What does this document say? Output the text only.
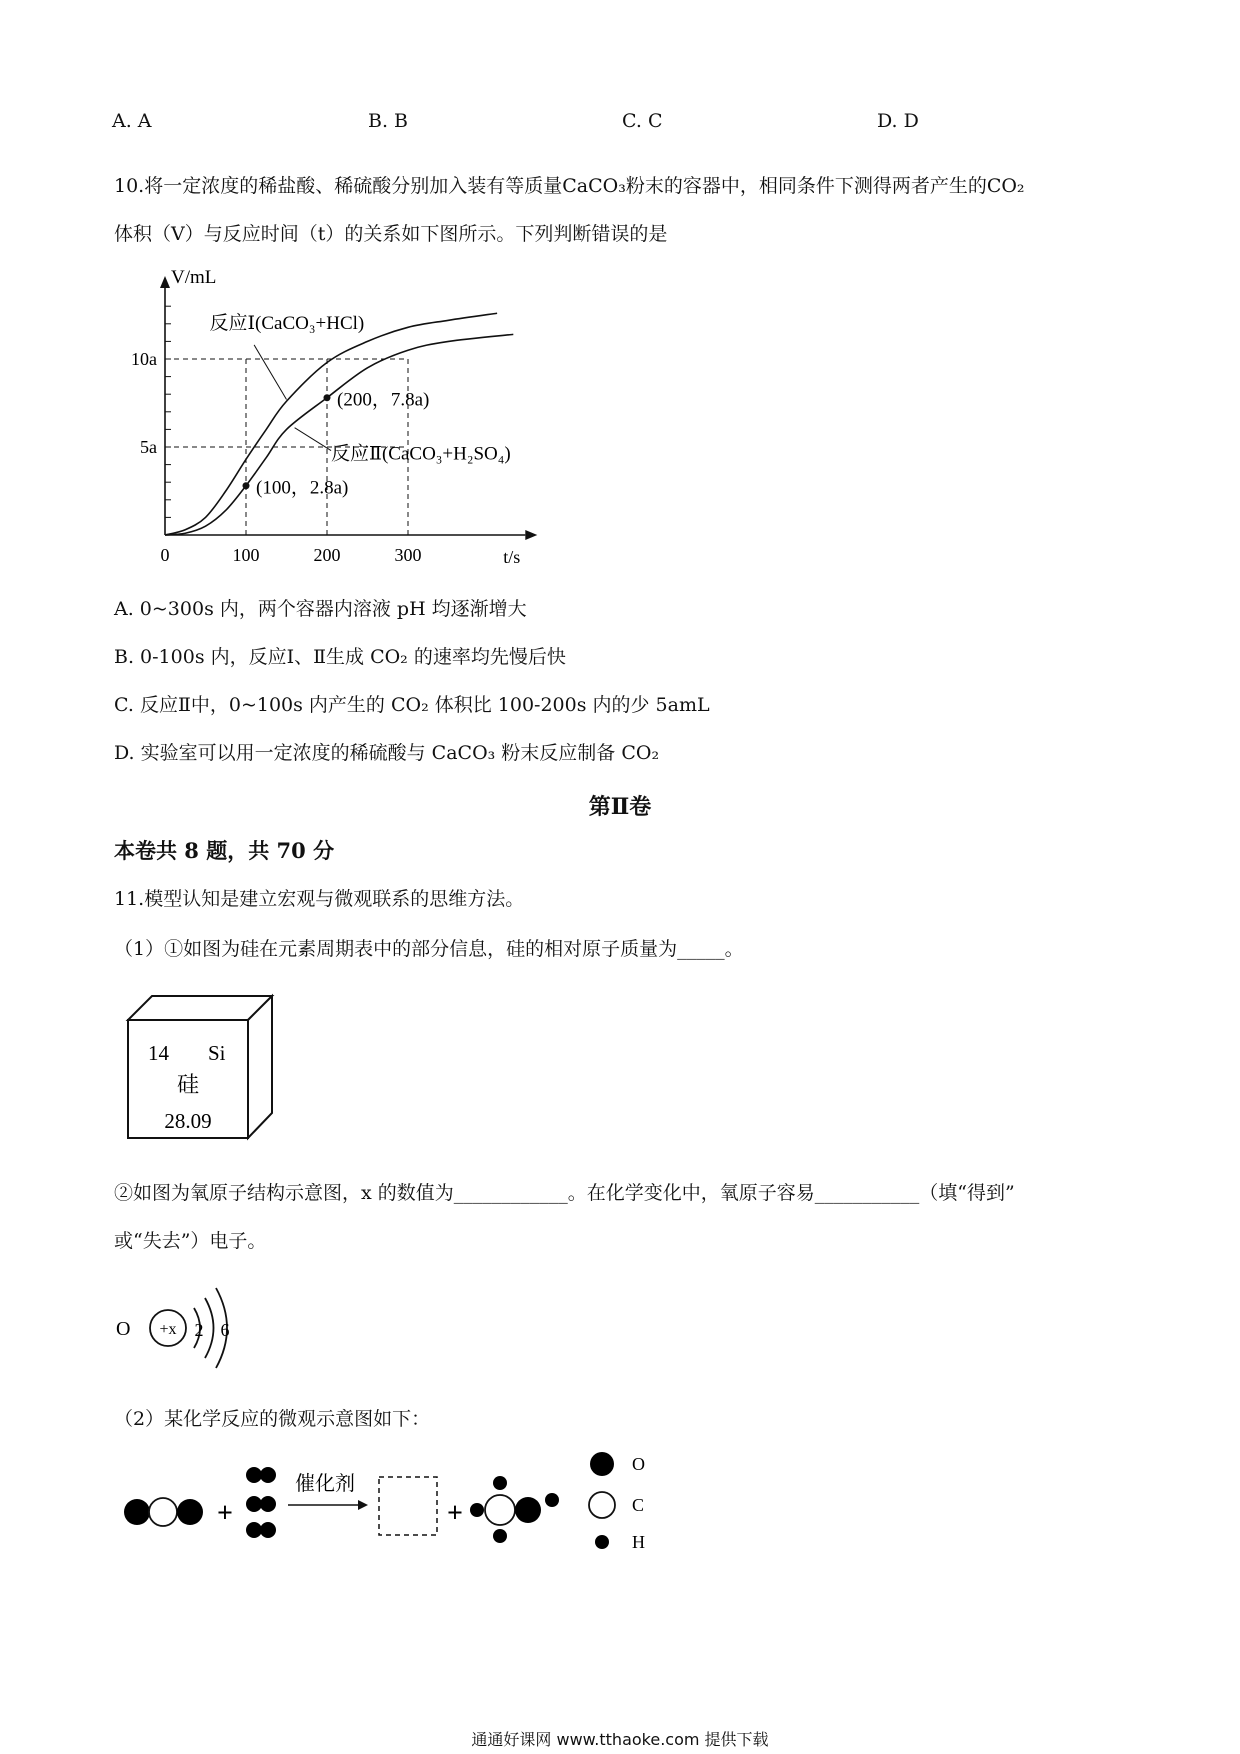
A. A	B. B	C. C	D. D
10.将一定浓度的稀盐酸、稀硫酸分别加入装有等质量CaCO₃粉末的容器中，相同条件下测得两者产生的CO₂
体积（V）与反应时间（t）的关系如下图所示。下列判断错误的是
V/mL
t/s
0	100	200	300
5a
10a
反应Ⅰ(CaCO₃+HCl)
反应Ⅱ(CaCO₃+H₂SO₄)
(100，2.8a)
(200，7.8a)
A. 0~300s 内，两个容器内溶液 pH 均逐渐增大
B. 0-100s 内，反应Ⅰ、Ⅱ生成 CO₂ 的速率均先慢后快
C. 反应Ⅱ中，0~100s 内产生的 CO₂ 体积比 100-200s 内的少 5amL
D. 实验室可以用一定浓度的稀硫酸与 CaCO₃ 粉末反应制备 CO₂
第Ⅱ卷
本卷共 8 题，共 70 分
11.模型认知是建立宏观与微观联系的思维方法。
（1）①如图为硅在元素周期表中的部分信息，硅的相对原子质量为_____。
14 Si
硅
28.09
②如图为氧原子结构示意图，x 的数值为____________。在化学变化中，氧原子容易___________（填“得到”
或“失去”）电子。
O +x 2 6
（2）某化学反应的微观示意图如下：
+
催化剂
+
O
C
H
通通好课网 www.tthaoke.com 提供下载
